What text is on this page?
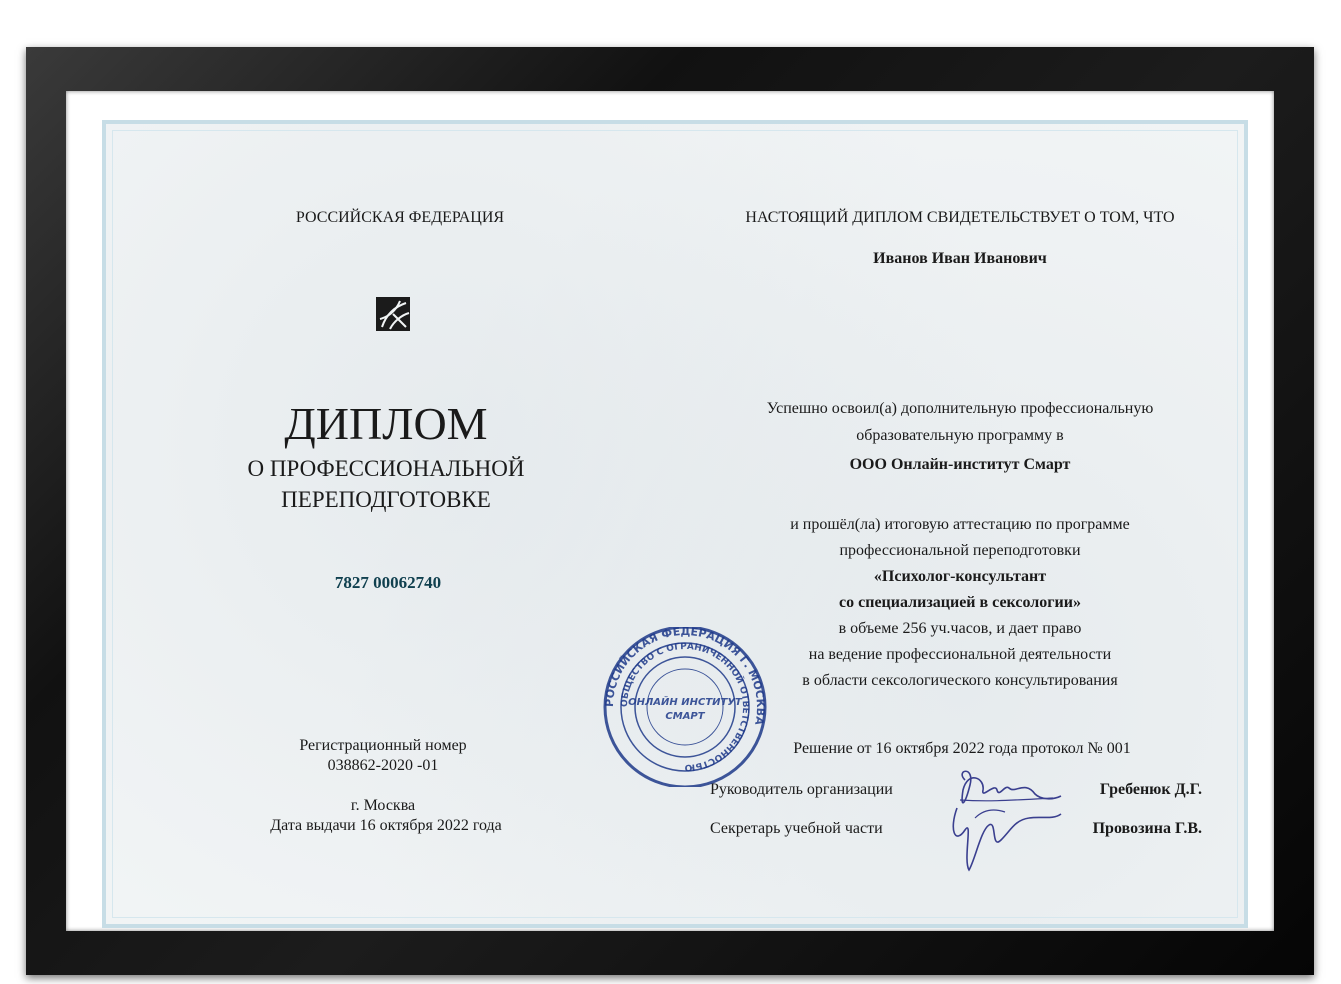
РОССИЙСКАЯ ФЕДЕРАЦИЯ
ДИПЛОМ
О ПРОФЕССИОНАЛЬНОЙ
ПЕРЕПОДГОТОВКЕ
7827 00062740
Регистрационный номер
038862-2020 -01
г. Москва
Дата выдачи 16 октября 2022 года
НАСТОЯЩИЙ ДИПЛОМ СВИДЕТЕЛЬСТВУЕТ О ТОМ, ЧТО
Иванов Иван Иванович
Успешно освоил(а) дополнительную профессиональную
образовательную программу в
ООО Онлайн-институт Смарт
и прошёл(ла) итоговую аттестацию по программе
профессиональной переподготовки
«Психолог-консультант
со специализацией в сексологии»
в объеме 256 уч.часов, и дает право
на ведение профессиональной деятельности
в области сексологического консультирования
Решение от 16 октября 2022 года протокол № 001
Руководитель организации	Гребенюк Д.Г.
Секретарь учебной части	Провозина Г.В.
РОССИЙСКАЯ ФЕДЕРАЦИЯ Г. МОСКВА
ОБЩЕСТВО С ОГРАНИЧЕННОЙ ОТВЕТСТВЕННОСТЬЮ
ОНЛАЙН ИНСТИТУТ
СМАРТ
